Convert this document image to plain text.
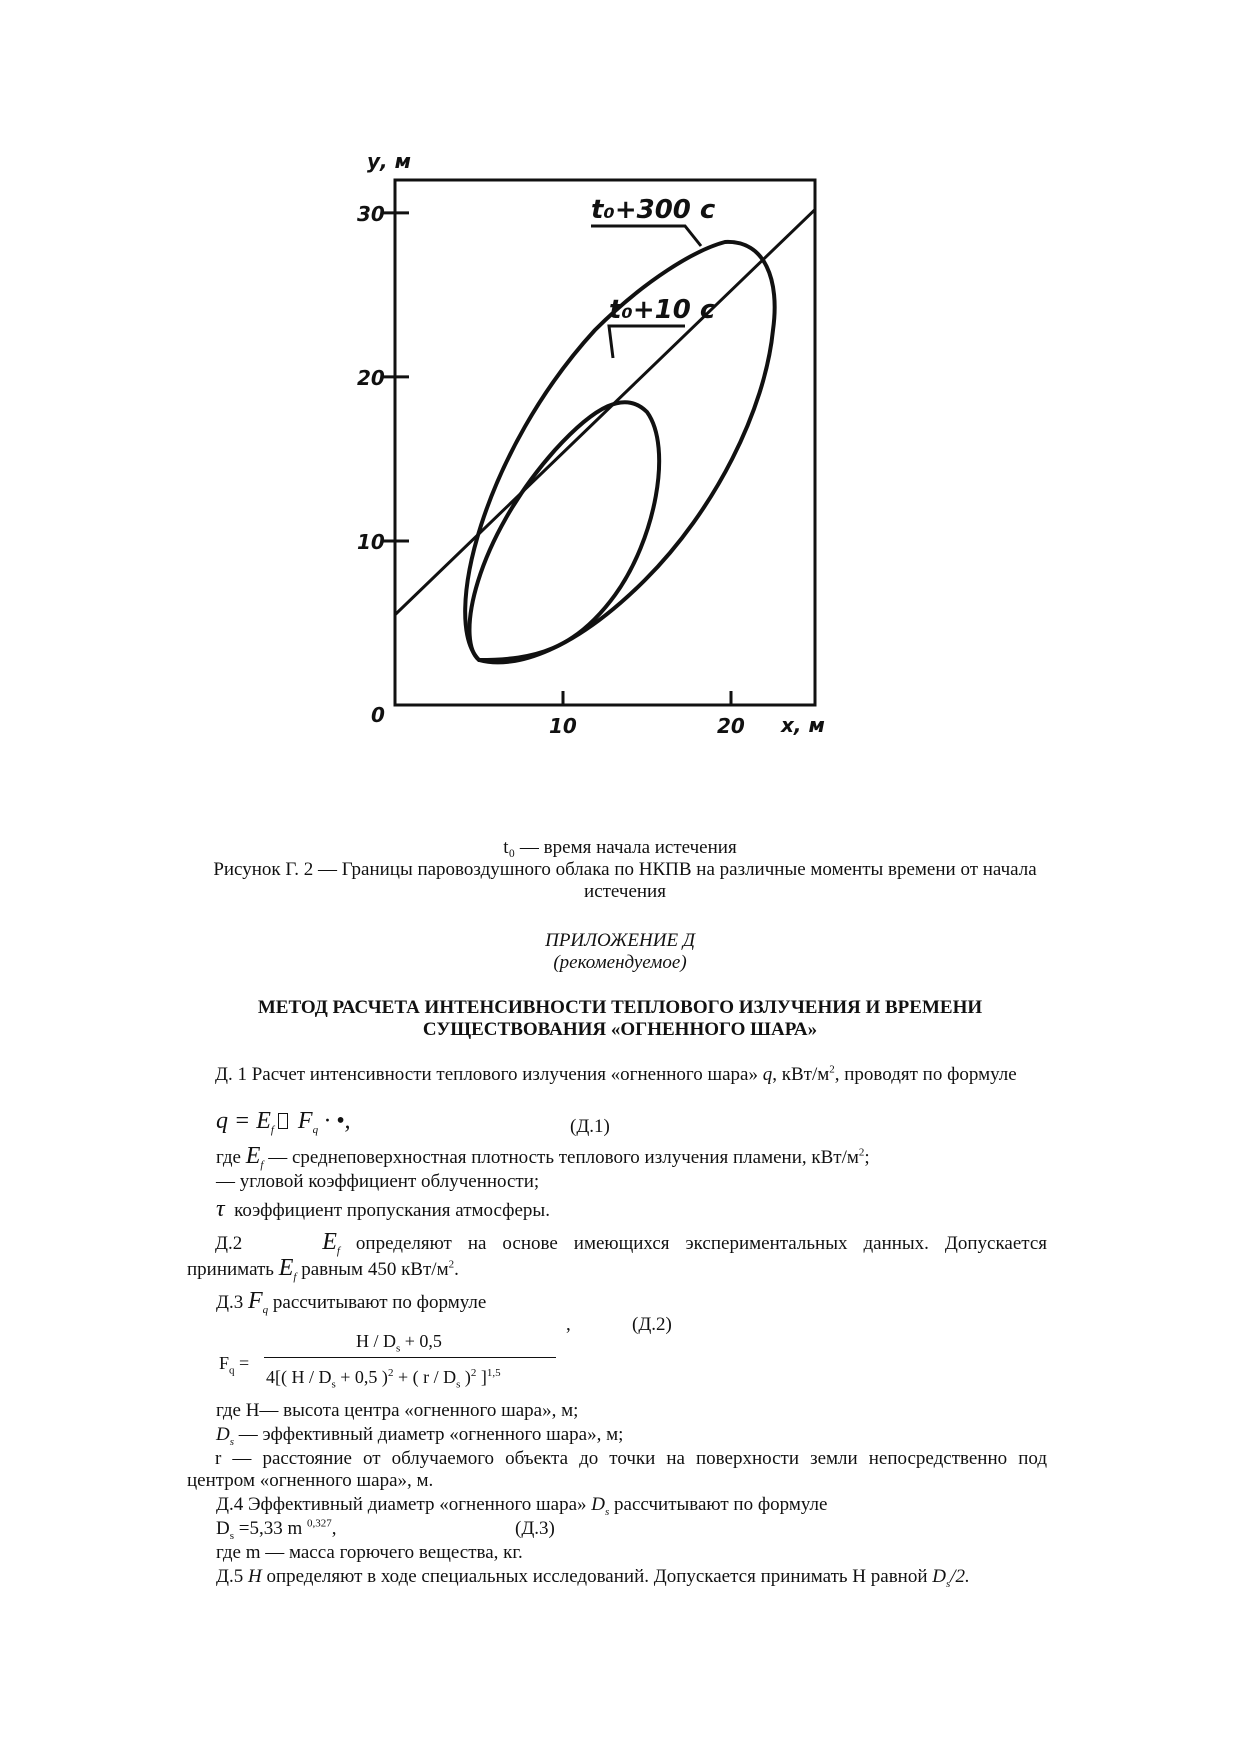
30
20
10
10	20
у, м
0	х, м
t₀+300 c
t₀+10 c
t₀ — время начала истечения
Рисунок Г. 2 — Границы паровоздушного облака по НКПВ на различные моменты времени от начала истечения
ПРИЛОЖЕНИЕ Д
(рекомендуемое)
МЕТОД РАСЧЕТА ИНТЕНСИВНОСТИ ТЕПЛОВОГО ИЗЛУЧЕНИЯ И ВРЕМЕНИ
СУЩЕСТВОВАНИЯ «ОГНЕННОГО ШАРА»
Д. 1 Расчет интенсивности теплового излучения «огненного шара» q, кВт/$м^2$, проводят по формуле
$q = E_f$ $F_q$ · •,	(Д.1)
где $E_f$ — среднеповерхностная плотность теплового излучения пламени, кВт/$м^2$;
— угловой коэффициент облученности;
τ коэффициент пропускания атмосферы.
Д.2	$E_f$ определяют на основе имеющихся экспериментальных данных. Допускается
принимать $E_f$ равным 450 кВт/$м^2$.
Д.3 $F_q$ рассчитывают по формуле
,	(Д.2)
$F_q$ =
$H / D_s + 0,5$
4[( $H / D_s + 0,5$ )$^2$ + ( r / $D_s$ )$^2$ ]$^{1,5}$
где H— высота центра «огненного шара», м;
$D_s$ — эффективный диаметр «огненного шара», м;
r — расстояние от облучаемого объекта до точки на поверхности земли непосредственно под
центром «огненного шара», м.
Д.4 Эффективный диаметр «огненного шара» $D_s$ рассчитывают по формуле
$D_s =5,33$ m $^{0,327}$,	(Д.3)
где m — масса горючего вещества, кг.
Д.5 H определяют в ходе специальных исследований. Допускается принимать Н равной $D_s/2$.
